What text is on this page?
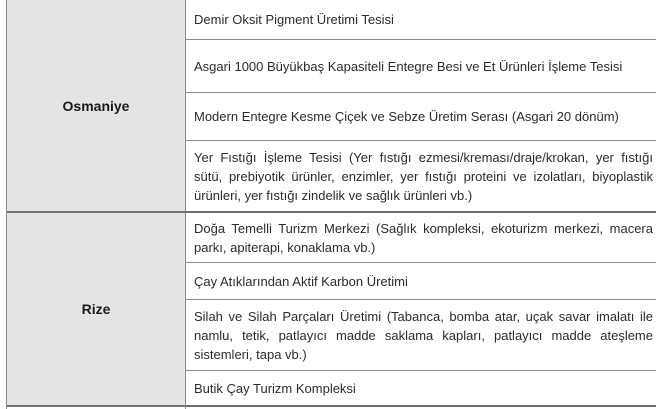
Osmaniye
Demir Oksit Pigment Üretimi Tesisi
Asgari 1000 Büyükbaş Kapasiteli Entegre Besi ve Et Ürünleri İşleme Tesisi
Modern Entegre Kesme Çiçek ve Sebze Üretim Serası (Asgari 20 dönüm)
Yer Fıstığı İşleme Tesisi (Yer fıstığı ezmesi/kreması/draje/krokan, yer fıstığı sütü, prebiyotik ürünler, enzimler, yer fıstığı proteini ve izolatları, biyoplastik ürünleri, yer fıstığı zindelik ve sağlık ürünleri vb.)
Rize
Doğa Temelli Turizm Merkezi (Sağlık kompleksi, ekoturizm merkezi, macera parkı, apiterapi, konaklama vb.)
Çay Atıklarından Aktif Karbon Üretimi
Silah ve Silah Parçaları Üretimi (Tabanca, bomba atar, uçak savar imalatı ile namlu, tetik, patlayıcı madde saklama kapları, patlayıcı madde ateşleme sistemleri, tapa vb.)
Butik Çay Turizm Kompleksi
